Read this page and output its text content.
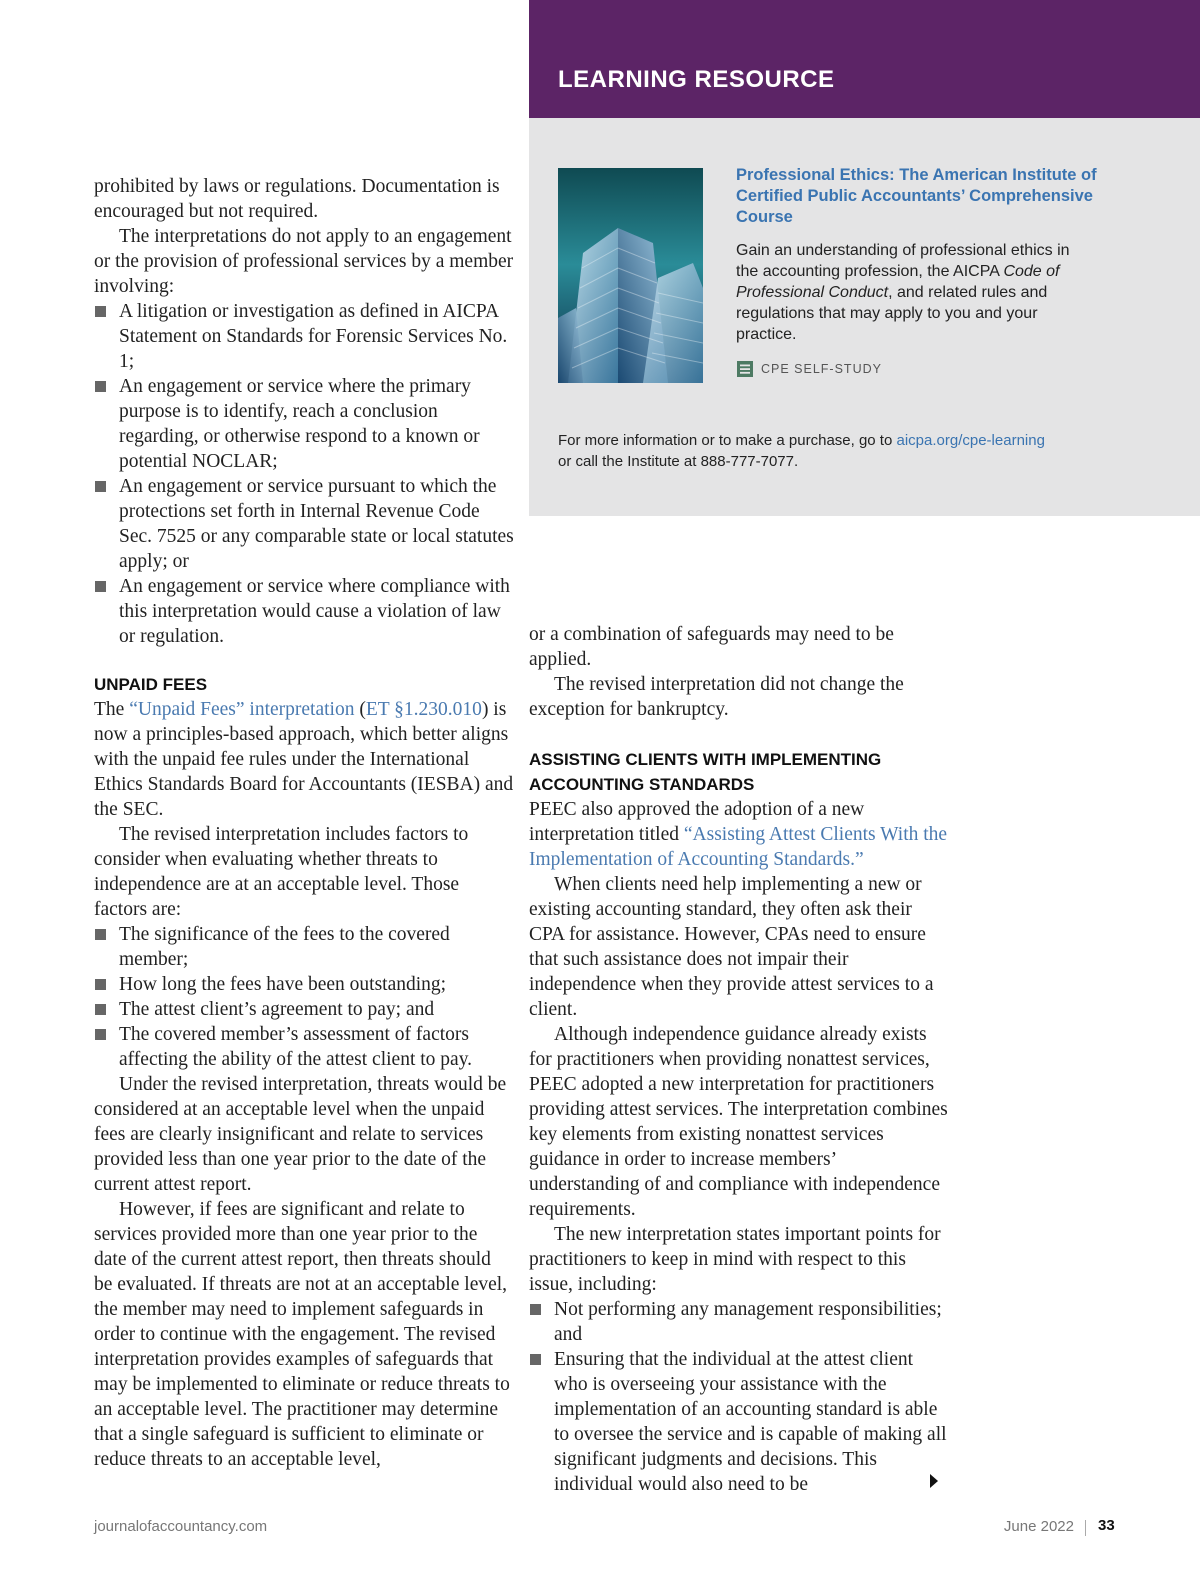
LEARNING RESOURCE
Professional Ethics: The American Institute of Certified Public Accountants’ Comprehensive Course

Gain an understanding of professional ethics in the accounting profession, the AICPA Code of Professional Conduct, and related rules and regulations that may apply to you and your practice.

CPE SELF-STUDY

For more information or to make a purchase, go to aicpa.org/cpe-learning
or call the Institute at 888-777-7077.

prohibited by laws or regulations. Documentation is encouraged but not required.

The interpretations do not apply to an engagement or the provision of professional services by a member involving:

A litigation or investigation as defined in AICPA Statement on Standards for Forensic Services No. 1;
An engagement or service where the primary purpose is to identify, reach a conclusion regarding, or otherwise respond to a known or potential NOCLAR;
An engagement or service pursuant to which the protections set forth in Internal Revenue Code Sec. 7525 or any comparable state or local statutes apply; or
An engagement or service where compliance with this interpretation would cause a violation of law or regulation.
UNPAID FEES

The “Unpaid Fees” interpretation (ET §1.230.010) is now a principles-based approach, which better aligns with the unpaid fee rules under the International Ethics Standards Board for Accountants (IESBA) and the SEC.

The revised interpretation includes factors to consider when evaluating whether threats to independence are at an acceptable level. Those factors are:

The significance of the fees to the covered member;
How long the fees have been outstanding;
The attest client’s agreement to pay; and
The covered member’s assessment of factors affecting the ability of the attest client to pay.

Under the revised interpretation, threats would be considered at an acceptable level when the unpaid fees are clearly insignificant and relate to services provided less than one year prior to the date of the current attest report.

However, if fees are significant and relate to services provided more than one year prior to the date of the current attest report, then threats should be evaluated. If threats are not at an acceptable level, the member may need to implement safeguards in order to continue with the engagement. The revised interpretation provides examples of safeguards that may be implemented to eliminate or reduce threats to an acceptable level. The practitioner may determine that a single safeguard is sufficient to eliminate or reduce threats to an acceptable level,

or a combination of safeguards may need to be applied.

The revised interpretation did not change the exception for bankruptcy.

ASSISTING CLIENTS WITH IMPLEMENTING ACCOUNTING STANDARDS

PEEC also approved the adoption of a new interpretation titled “Assisting Attest Clients With the Implementation of Accounting Standards.”

When clients need help implementing a new or existing accounting standard, they often ask their CPA for assistance. However, CPAs need to ensure that such assistance does not impair their independence when they provide attest services to a client.

Although independence guidance already exists for practitioners when providing nonattest services, PEEC adopted a new interpretation for practitioners providing attest services. The interpretation combines key elements from existing nonattest services guidance in order to increase members’ understanding of and compliance with independence requirements.

The new interpretation states important points for practitioners to keep in mind with respect to this issue, including:

Not performing any management responsibilities; and
Ensuring that the individual at the attest client who is overseeing your assistance with the implementation of an accounting standard is able to oversee the service and is capable of making all significant judgments and decisions. This individual would also need to be

journalofaccountancy.com	June 2022 33
